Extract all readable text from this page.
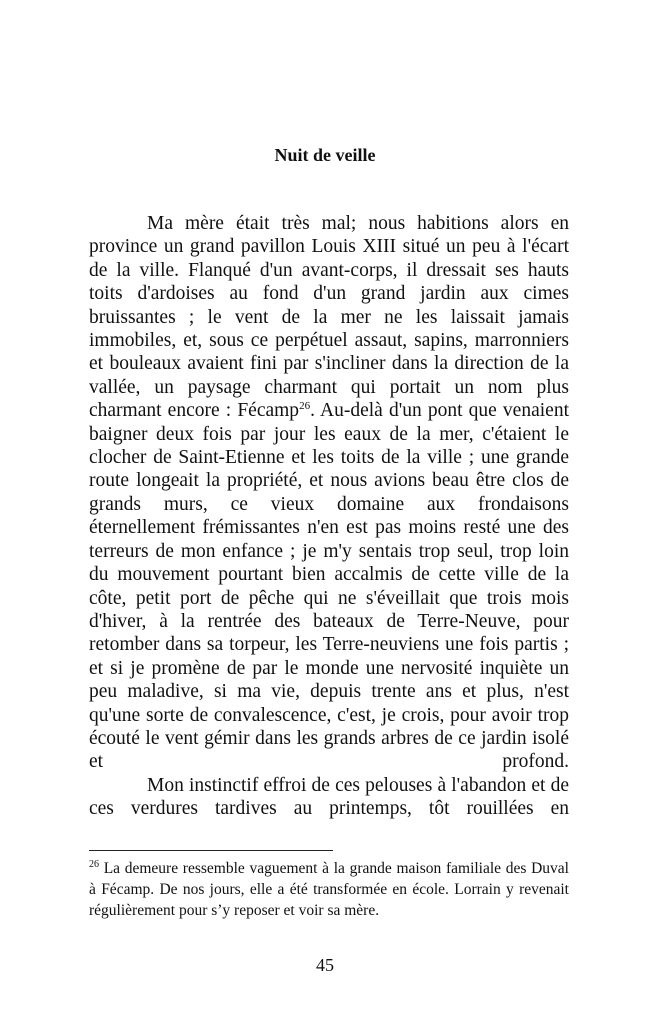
Nuit de veille

Ma mère était très mal; nous habitions alors en province un grand pavillon Louis XIII situé un peu à l'écart de la ville. Flanqué d'un avant-corps, il dressait ses hauts toits d'ardoises au fond d'un grand jardin aux cimes bruissantes ; le vent de la mer ne les laissait jamais immobiles, et, sous ce perpétuel assaut, sapins, marronniers et bouleaux avaient fini par s'incliner dans la direction de la vallée, un paysage charmant qui portait un nom plus charmant encore : Fécamp$^{26}$. Au-delà d'un pont que venaient baigner deux fois par jour les eaux de la mer, c'étaient le clocher de Saint-Etienne et les toits de la ville ; une grande route longeait la propriété, et nous avions beau être clos de grands murs, ce vieux domaine aux frondaisons éternellement frémissantes n'en est pas moins resté une des terreurs de mon enfance ; je m'y sentais trop seul, trop loin du mouvement pourtant bien accalmis de cette ville de la côte, petit port de pêche qui ne s'éveillait que trois mois d'hiver, à la rentrée des bateaux de Terre-Neuve, pour retomber dans sa torpeur, les Terre-neuviens une fois partis ; et si je promène de par le monde une nervosité inquiète un peu maladive, si ma vie, depuis trente ans et plus, n'est qu'une sorte de convalescence, c'est, je crois, pour avoir trop écouté le vent gémir dans les grands arbres de ce jardin isolé et profond.

Mon instinctif effroi de ces pelouses à l'abandon et de ces verdures tardives au printemps, tôt rouillées en

$^{26}$ La demeure ressemble vaguement à la grande maison familiale des Duval à Fécamp. De nos jours, elle a été transformée en école. Lorrain y revenait régulièrement pour s’y reposer et voir sa mère.

45
